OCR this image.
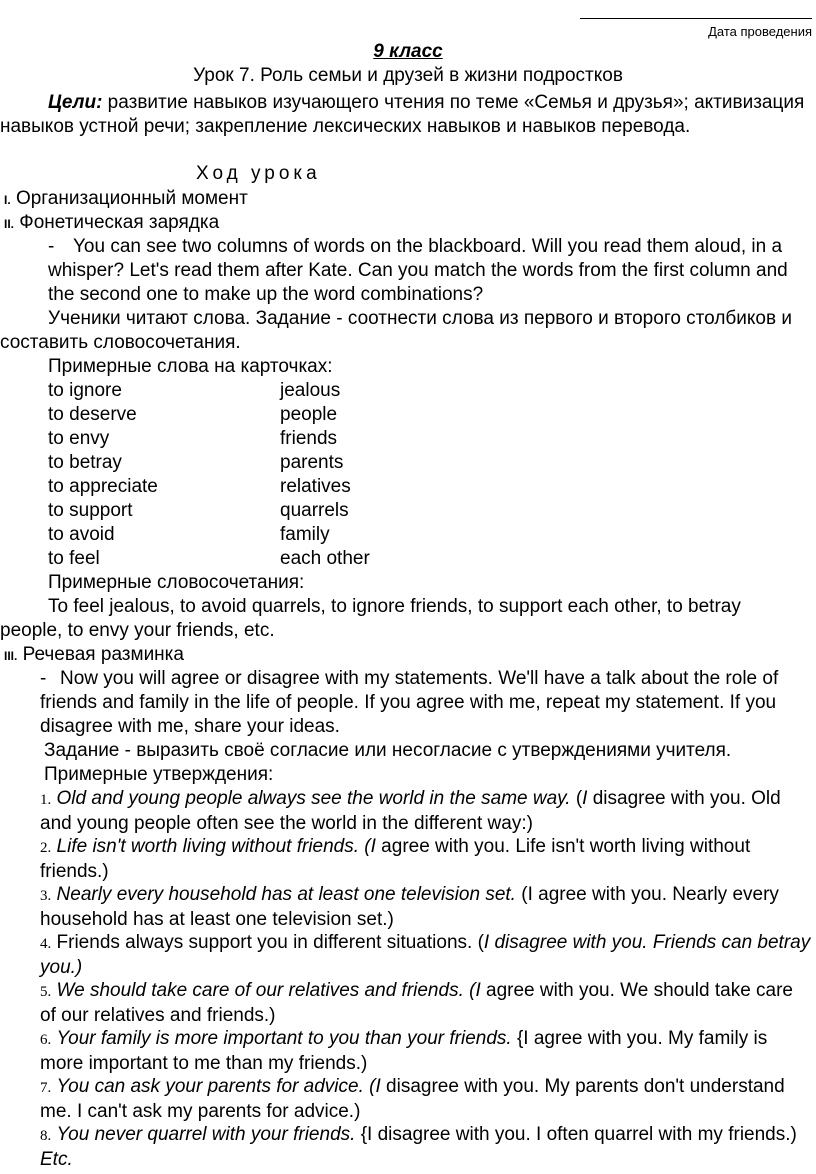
Дата проведения
9 класс
Урок 7. Роль семьи и друзей в жизни подростков
Цели: развитие навыков изучающего чтения по теме «Семья и друзья»; активизация навыков устной речи; закрепление лексических навыков и навыков перевода.
Ход урока
I. Организационный момент
II. Фонетическая зарядка
- You can see two columns of words on the blackboard. Will you read them aloud, in a whisper? Let's read them after Kate. Can you match the words from the first column and the second one to make up the word combinations?
Ученики читают слова. Задание - соотнести слова из первого и второго столбиков и составить словосочетания.
Примерные слова на карточках:
to ignore
to deserve
to envy
to betray
to appreciate
to support
to avoid
to feel
jealous
people
friends
parents
relatives
quarrels
family
each other
Примерные словосочетания:
To feel jealous, to avoid quarrels, to ignore friends, to support each other, to betray people, to envy your friends, etc.
III. Речевая разминка
- Now you will agree or disagree with my statements. We'll have a talk about the role of friends and family in the life of people. If you agree with me, repeat my statement. If you disagree with me, share your ideas.
Задание - выразить своё согласие или несогласие с утверждениями учителя.
Примерные утверждения:
1. Old and young people always see the world in the same way. (I disagree with you. Old and young people often see the world in the different way:)
2. Life isn't worth living without friends. (I agree with you. Life isn't worth living without friends.)
3. Nearly every household has at least one television set. (I agree with you. Nearly every household has at least one television set.)
4. Friends always support you in different situations. (I disagree with you. Friends can betray you.)
5. We should take care of our relatives and friends. (I agree with you. We should take care of our relatives and friends.)
6. Your family is more important to you than your friends. {I agree with you. My family is more important to me than my friends.)
7. You can ask your parents for advice. (I disagree with you. My parents don't understand me. I can't ask my parents for advice.)
8. You never quarrel with your friends. {I disagree with you. I often quarrel with my friends.) Etc.
